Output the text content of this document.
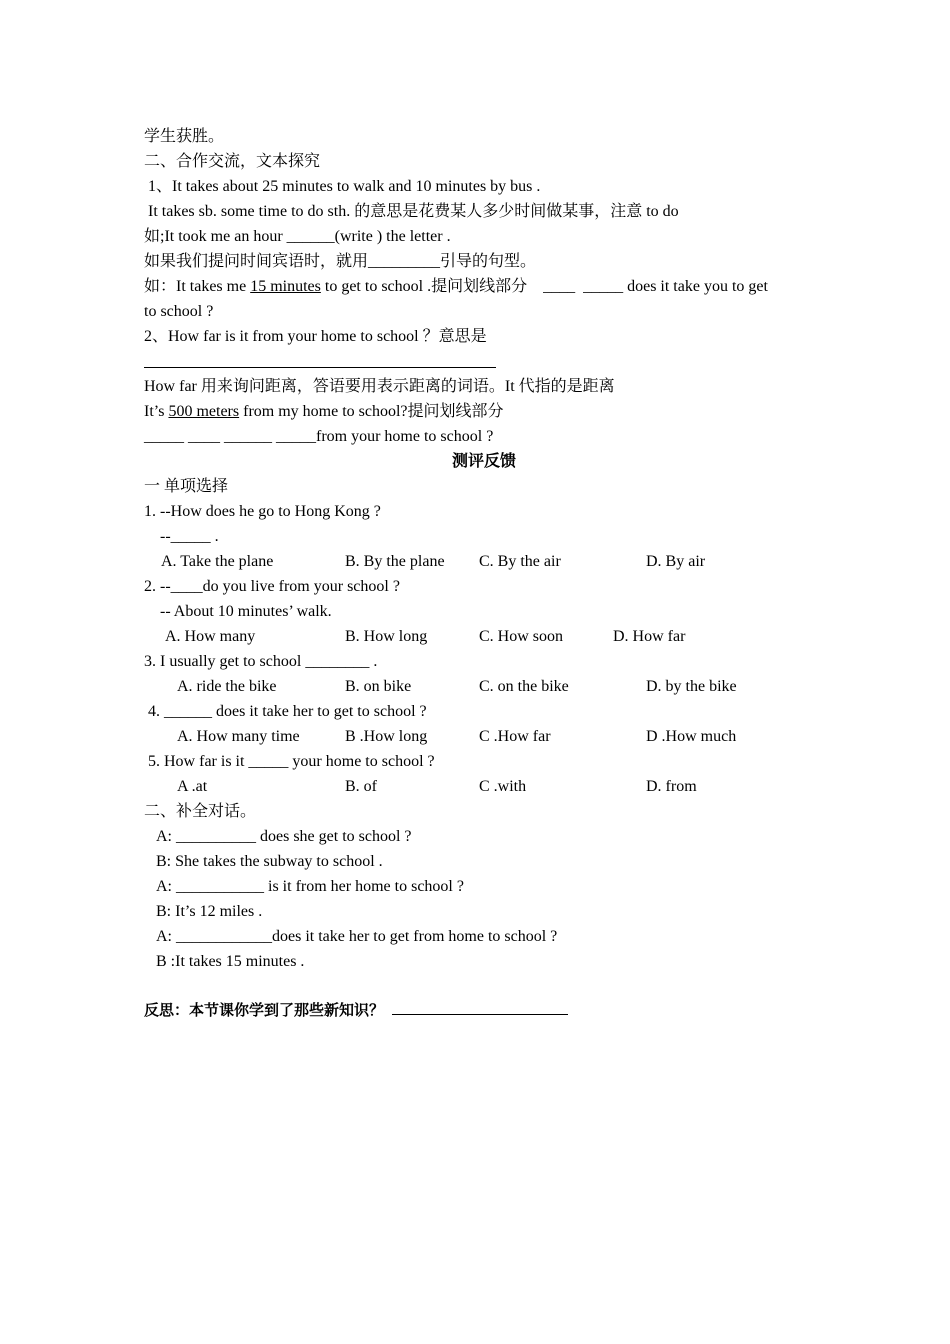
学生获胜。
二、合作交流，文本探究
1、It takes about 25 minutes to walk and 10 minutes by bus .
It takes sb. some time to do sth. 的意思是花费某人多少时间做某事，注意 to do
如;It took me an hour ______(write ) the letter .
如果我们提问时间宾语时，就用_________引导的句型。
如：It takes me 15 minutes to get to school .提问划线部分    ____  _____ does it take you to get
to school ?
2、How far is it from your home to school ？意思是
How far 用来询问距离，答语要用表示距离的词语。It 代指的是距离
It’s 500 meters from my home to school?提问划线部分
_____ ____ ______ _____from your home to school ?
测评反馈
一 单项选择
1. --How does he go to Hong Kong ?
--_____ .
A. Take the plane	B. By the plane C. By the air	D. By air
2. --____do you live from your school ?
-- About 10 minutes’ walk.
A. How many	B. How long	C. How soon	D. How far
3. I usually get to school ________ .
A. ride the bike	B. on bike	C. on the bike	D. by the bike
4. ______ does it take her to get to school ?
A. How many time	B .How long	C .How far	D .How much
5. How far is it _____ your home to school ?
A .at	B. of	C .with	D. from
二、补全对话。
A: __________ does she get to school ?
B: She takes the subway to school .
A: ___________ is it from her home to school ?
B: It’s 12 miles .
A: ____________does it take her to get from home to school ?
B :It takes 15 minutes .
反思：本节课你学到了那些新知识？
